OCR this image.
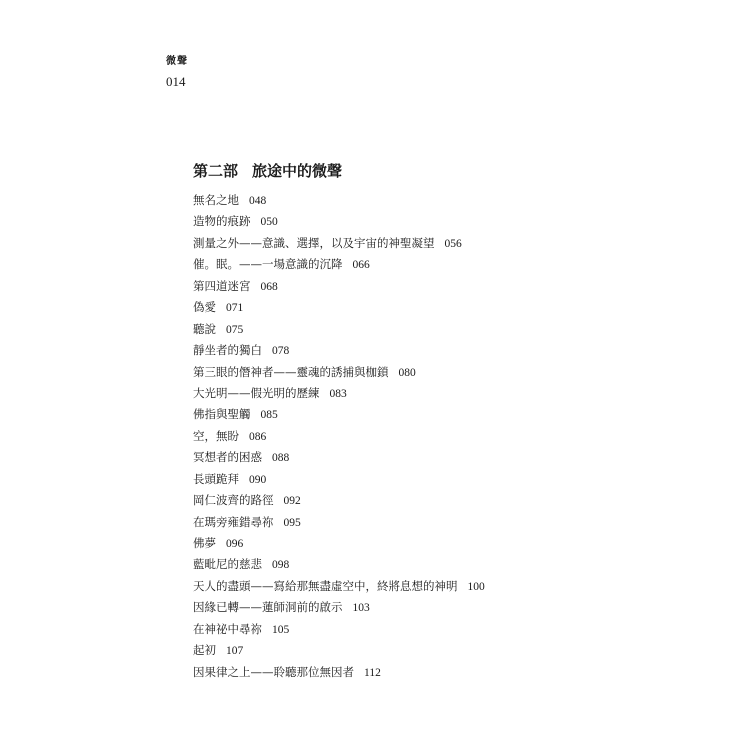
微聲
014
第二部 旅途中的微聲
無名之地 048
造物的痕跡 050
測量之外——意識、選擇，以及宇宙的神聖凝望 056
催。眠。——一場意識的沉降 066
第四道迷宮 068
偽愛 071
聽說 075
靜坐者的獨白 078
第三眼的僭神者——靈魂的誘捕與枷鎖 080
大光明——假光明的歷練 083
佛指與聖觸 085
空，無盼 086
冥想者的困惑 088
長頭跪拜 090
岡仁波齊的路徑 092
在瑪旁雍錯尋祢 095
佛夢 096
藍毗尼的慈悲 098
天人的盡頭——寫給那無盡虛空中，終將息想的神明 100
因緣已轉——蓮師洞前的啟示 103
在神祕中尋祢 105
起初 107
因果律之上——聆聽那位無因者 112
